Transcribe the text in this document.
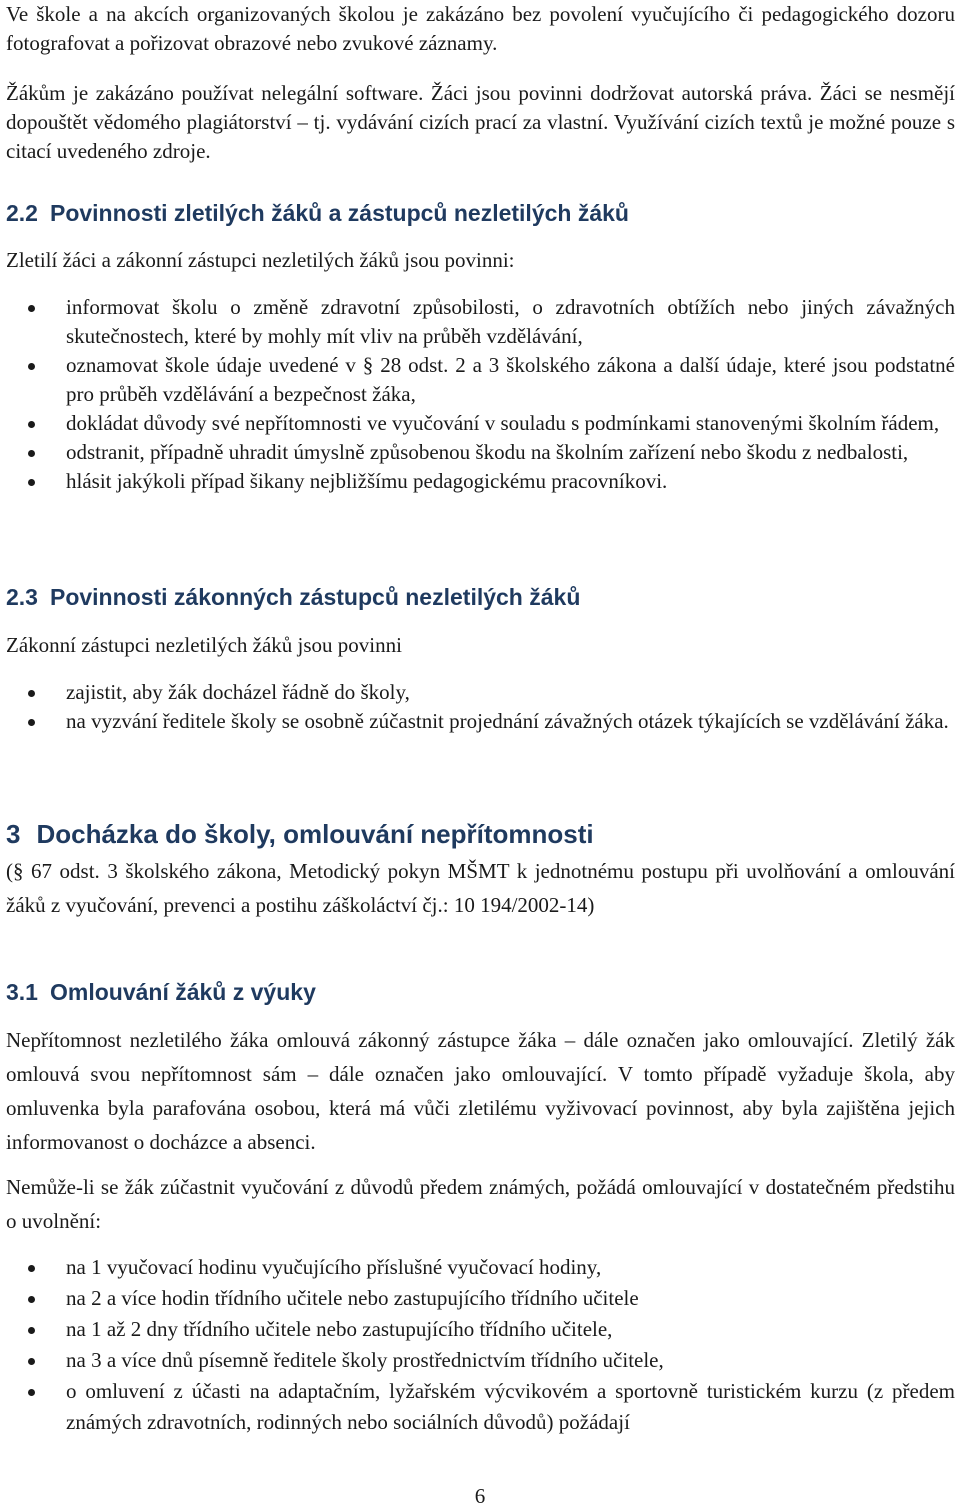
Ve škole a na akcích organizovaných školou je zakázáno bez povolení vyučujícího či pedagogického dozoru fotografovat a pořizovat obrazové nebo zvukové záznamy.

Žákům je zakázáno používat nelegální software. Žáci jsou povinni dodržovat autorská práva. Žáci se nesmějí dopouštět vědomého plagiátorství – tj. vydávání cizích prací za vlastní. Využívání cizích textů je možné pouze s citací uvedeného zdroje.

2.2 Povinnosti zletilých žáků a zástupců nezletilých žáků

Zletilí žáci a zákonní zástupci nezletilých žáků jsou povinni:

informovat školu o změně zdravotní způsobilosti, o zdravotních obtížích nebo jiných závažných skutečnostech, které by mohly mít vliv na průběh vzdělávání,
oznamovat škole údaje uvedené v § 28 odst. 2 a 3 školského zákona a další údaje, které jsou podstatné pro průběh vzdělávání a bezpečnost žáka,
dokládat důvody své nepřítomnosti ve vyučování v souladu s podmínkami stanovenými školním řádem,
odstranit, případně uhradit úmyslně způsobenou škodu na školním zařízení nebo škodu z nedbalosti,
hlásit jakýkoli případ šikany nejbližšímu pedagogickému pracovníkovi.
2.3 Povinnosti zákonných zástupců nezletilých žáků

Zákonní zástupci nezletilých žáků jsou povinni

zajistit, aby žák docházel řádně do školy,
na vyzvání ředitele školy se osobně zúčastnit projednání závažných otázek týkajících se vzdělávání žáka.
3 Docházka do školy, omlouvání nepřítomnosti

(§ 67 odst. 3 školského zákona, Metodický pokyn MŠMT k jednotnému postupu při uvolňování a omlouvání žáků z vyučování, prevenci a postihu záškoláctví čj.: 10 194/2002-14)

3.1 Omlouvání žáků z výuky

Nepřítomnost nezletilého žáka omlouvá zákonný zástupce žáka – dále označen jako omlouvající. Zletilý žák omlouvá svou nepřítomnost sám – dále označen jako omlouvající. V tomto případě vyžaduje škola, aby omluvenka byla parafována osobou, která má vůči zletilému vyživovací povinnost, aby byla zajištěna jejich informovanost o docházce a absenci.

Nemůže-li se žák zúčastnit vyučování z důvodů předem známých, požádá omlouvající v dostatečném předstihu o uvolnění:

na 1 vyučovací hodinu vyučujícího příslušné vyučovací hodiny,
na 2 a více hodin třídního učitele nebo zastupujícího třídního učitele
na 1 až 2 dny třídního učitele nebo zastupujícího třídního učitele,
na 3 a více dnů písemně ředitele školy prostřednictvím třídního učitele,
o omluvení z účasti na adaptačním, lyžařském výcvikovém a sportovně turistickém kurzu (z předem známých zdravotních, rodinných nebo sociálních důvodů) požádají
6
